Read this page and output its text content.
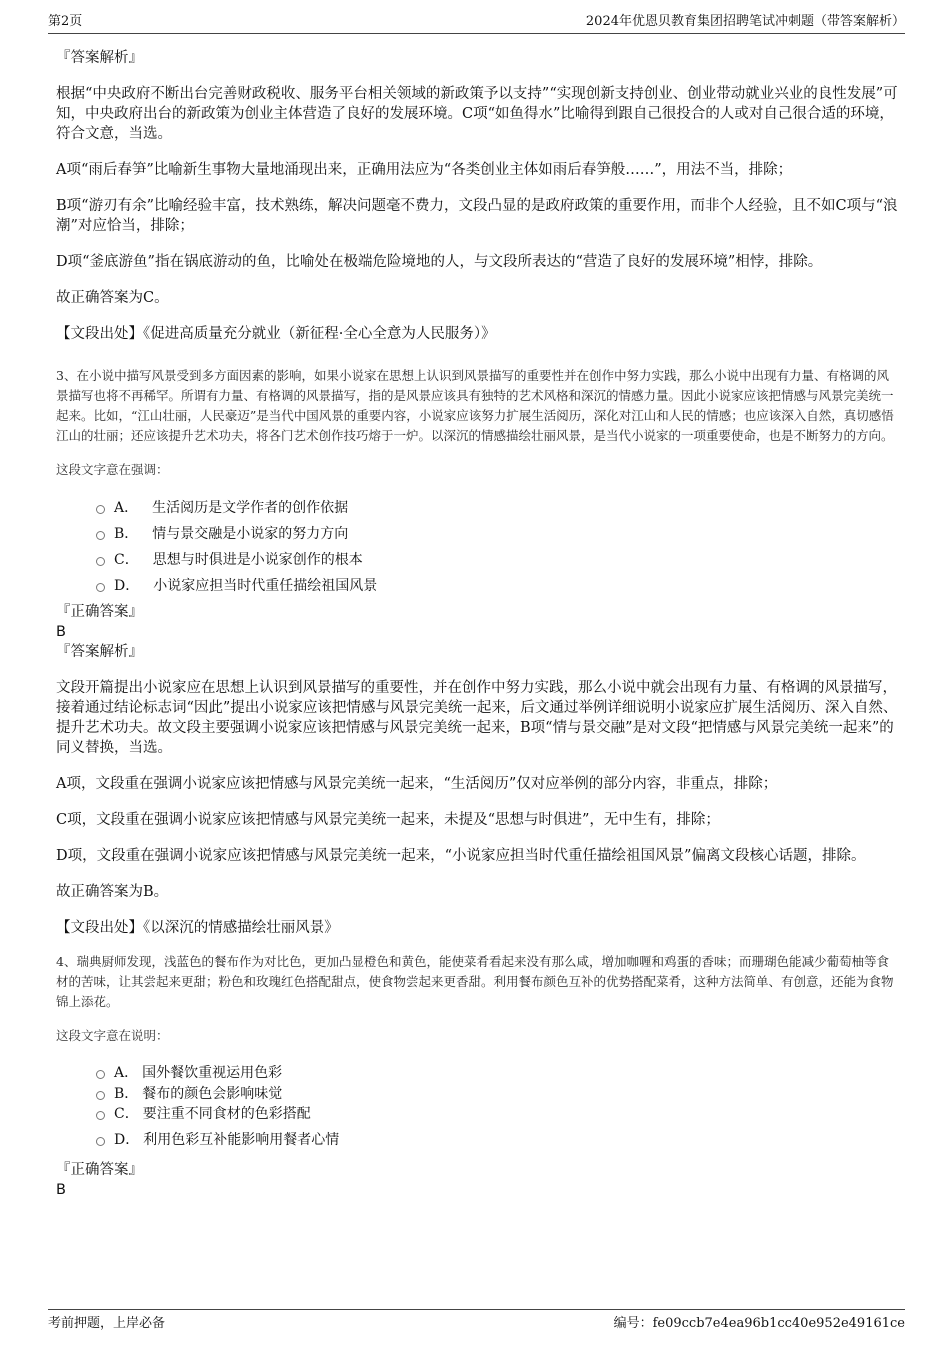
第2页	2024年优恩贝教育集团招聘笔试冲刺题（带答案解析）

『答案解析』

根据“中央政府不断出台完善财政税收、服务平台相关领域的新政策予以支持”“实现创新支持创业、创业带动就业兴业的良性发展”可知，中央政府出台的新政策为创业主体营造了良好的发展环境。C项“如鱼得水”比喻得到跟自己很投合的人或对自己很合适的环境，符合文意，当选。

A项“雨后春笋”比喻新生事物大量地涌现出来，正确用法应为“各类创业主体如雨后春笋般……”，用法不当，排除；

B项“游刃有余”比喻经验丰富，技术熟练，解决问题毫不费力，文段凸显的是政府政策的重要作用，而非个人经验，且不如C项与“浪潮”对应恰当，排除；

D项“釜底游鱼”指在锅底游动的鱼，比喻处在极端危险境地的人，与文段所表达的“营造了良好的发展环境”相悖，排除。

故正确答案为C。

【文段出处】《促进高质量充分就业（新征程·全心全意为人民服务）》

3、在小说中描写风景受到多方面因素的影响，如果小说家在思想上认识到风景描写的重要性并在创作中努力实践，那么小说中出现有力量、有格调的风景描写也将不再稀罕。所谓有力量、有格调的风景描写，指的是风景应该具有独特的艺术风格和深沉的情感力量。因此小说家应该把情感与风景完美统一起来。比如，“江山壮丽，人民豪迈”是当代中国风景的重要内容，小说家应该努力扩展生活阅历，深化对江山和人民的情感；也应该深入自然，真切感悟江山的壮丽；还应该提升艺术功夫，将各门艺术创作技巧熔于一炉。以深沉的情感描绘壮丽风景，是当代小说家的一项重要使命，也是不断努力的方向。

这段文字意在强调：

A． 生活阅历是文学作者的创作依据
B． 情与景交融是小说家的努力方向
C． 思想与时俱进是小说家创作的根本
D． 小说家应担当时代重任描绘祖国风景

『正确答案』

B

『答案解析』

文段开篇提出小说家应在思想上认识到风景描写的重要性，并在创作中努力实践，那么小说中就会出现有力量、有格调的风景描写，接着通过结论标志词“因此”提出小说家应该把情感与风景完美统一起来，后文通过举例详细说明小说家应扩展生活阅历、深入自然、提升艺术功夫。故文段主要强调小说家应该把情感与风景完美统一起来，B项“情与景交融”是对文段“把情感与风景完美统一起来”的同义替换，当选。

A项，文段重在强调小说家应该把情感与风景完美统一起来，“生活阅历”仅对应举例的部分内容，非重点，排除；

C项，文段重在强调小说家应该把情感与风景完美统一起来，未提及“思想与时俱进”，无中生有，排除；

D项，文段重在强调小说家应该把情感与风景完美统一起来，“小说家应担当时代重任描绘祖国风景”偏离文段核心话题，排除。

故正确答案为B。

【文段出处】《以深沉的情感描绘壮丽风景》

4、瑞典厨师发现，浅蓝色的餐布作为对比色，更加凸显橙色和黄色，能使菜肴看起来没有那么咸，增加咖喱和鸡蛋的香味；而珊瑚色能减少葡萄柚等食材的苦味，让其尝起来更甜；粉色和玫瑰红色搭配甜点，使食物尝起来更香甜。利用餐布颜色互补的优势搭配菜肴，这种方法简单、有创意，还能为食物锦上添花。

这段文字意在说明：

A． 国外餐饮重视运用色彩
B． 餐布的颜色会影响味觉
C． 要注重不同食材的色彩搭配
D． 利用色彩互补能影响用餐者心情

『正确答案』

B

考前押题，上岸必备	编号：fe09ccb7e4ea96b1cc40e952e49161ce
